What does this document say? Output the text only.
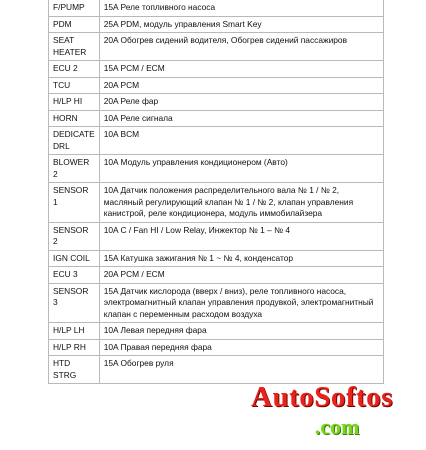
F/PUMP	15A Реле топливного насоса
PDM	25A PDM, модуль управления Smart Key
SEAT HEATER	20A Обогрев сидений водителя, Обогрев сидений пассажиров
ECU 2	15A PCM / ECM
TCU	20A PCM
H/LP HI	20A Реле фар
HORN	10A Реле сигнала
DEDICATE DRL	10A BCM
BLOWER 2	10A Модуль управления кондиционером (Авто)
SENSOR 1	10A Датчик положения распределительного вала № 1 / № 2, масляный регулирующий клапан № 1 / № 2, клапан управления канистрой, реле кондиционера, модуль иммобилайзера
SENSOR 2	10A C / Fan HI / Low Relay, Инжектор № 1 – № 4
IGN COIL	15A Катушка зажигания № 1 ~ № 4, конденсатор
ECU 3	20A PCM / ECM
SENSOR 3	15A Датчик кислорода (вверх / вниз), реле топливного насоса, электромагнитный клапан управления продувкой, электромагнитный клапан с переменным расходом воздуха
H/LP LH	10A Левая передняя фара
H/LP RH	10A Правая передняя фара
HTD STRG	15A Обогрев руля
AutoSoftos
.com
